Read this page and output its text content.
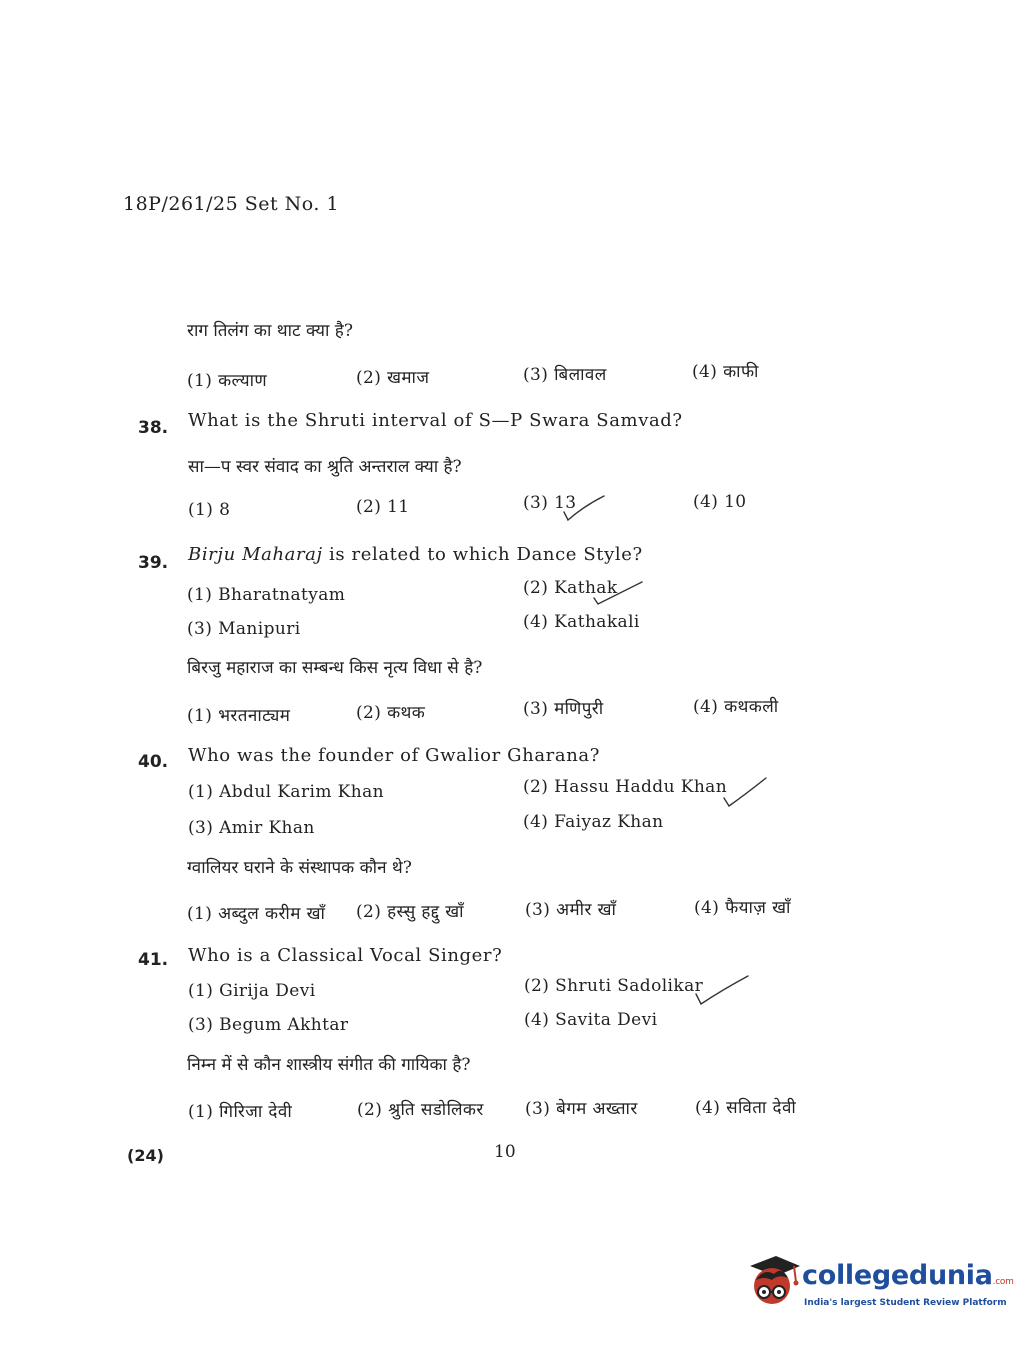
18P/261/25 Set No. 1
राग तिलंग का थाट क्या है?
(1) कल्याण	(2) खमाज	(3) बिलावल	(4) काफी
38. What is the Shruti interval of S—P Swara Samvad?
सा—प स्वर संवाद का श्रुति अन्तराल क्या है?
(1) 8	(2) 11	(3) 13	(4) 10
39. Birju Maharaj is related to which Dance Style?
(1) Bharatnatyam	(2) Kathak
(3) Manipuri	(4) Kathakali
बिरजु महाराज का सम्बन्ध किस नृत्य विधा से है?
(1) भरतनाट्यम	(2) कथक	(3) मणिपुरी	(4) कथकली
40. Who was the founder of Gwalior Gharana?
(1) Abdul Karim Khan	(2) Hassu Haddu Khan
(3) Amir Khan	(4) Faiyaz Khan
ग्वालियर घराने के संस्थापक कौन थे?
(1) अब्दुल करीम खाँ (2) हस्सु हद्दु खाँ	(3) अमीर खाँ	(4) फैयाज़ खाँ
41. Who is a Classical Vocal Singer?
(1) Girija Devi	(2) Shruti Sadolikar
(3) Begum Akhtar	(4) Savita Devi
निम्न में से कौन शास्त्रीय संगीत की गायिका है?
(1) गिरिजा देवी	(2) श्रुति सडोलिकर (3) बेगम अख्तार	(4) सविता देवी
(24)	10
collegedunia.com
India's largest Student Review Platform
